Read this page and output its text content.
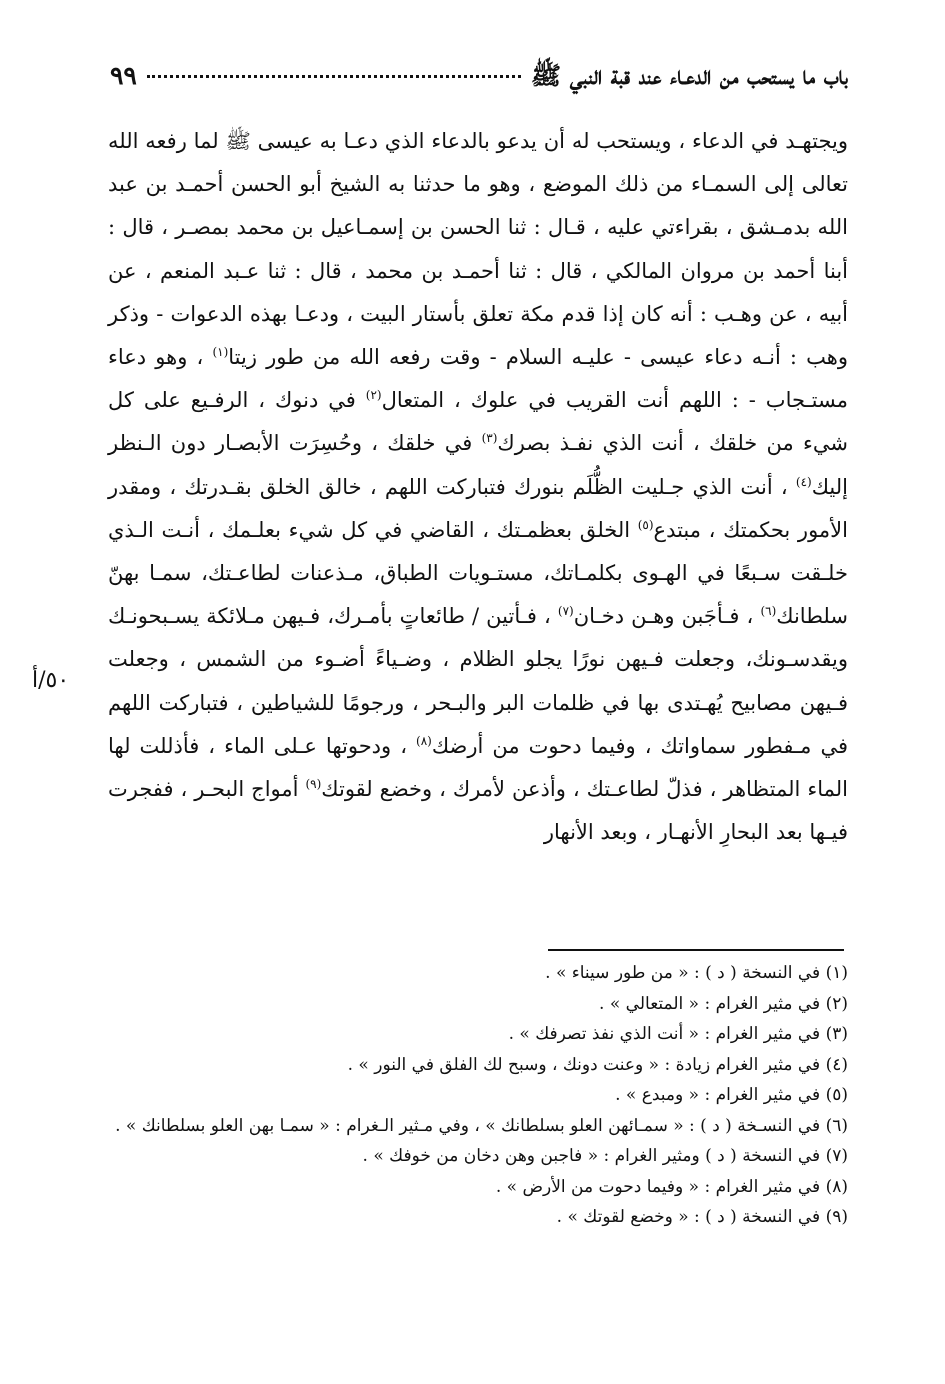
باب ما يستحب من الدعـاء عند قبة النبي ﷺ
٩٩
٥٠/أ
ويجتهـد في الدعاء ، ويستحب له أن يدعو بالدعاء الذي دعـا به عيسى ﷺ لما رفعه الله تعالى إلى السمـاء من ذلك الموضع ، وهو ما حدثنا به الشيخ أبو الحسن أحمـد بن عبد الله بدمـشق ، بقراءتي عليه ، قـال : ثنا الحسن بن إسمـاعيل بن محمد بمصـر ، قال : أبنا أحمد بن مروان المالكي ، قال : ثنا أحمـد بن محمد ، قال : ثنا عـبد المنعم ، عن أبيه ، عن وهـب : أنه كان إذا قدم مكة تعلق بأستار البيت ، ودعـا بهذه الدعوات - وذكر وهب : أنـه دعاء عيسى - عليـه السلام - وقت رفعه الله من طور زيتا$^{(١)}$ ، وهو دعاء مستـجاب - : اللهم أنت القريب في علوك ، المتعال$^{(٢)}$ في دنوك ، الرفـيع على كل شيء من خلقك ، أنت الذي نفـذ بصرك$^{(٣)}$ في خلقك ، وحُسِرَت الأبصـار دون الـنظر إليك$^{(٤)}$ ، أنت الذي جـليت الظُّلَم بنورك فتباركت اللهم ، خالق الخلق بقـدرتك ، ومقدر الأمور بحكمتك ، مبتدع$^{(٥)}$ الخلق بعظمـتك ، القاضي في كل شيء بعلـمك ، أنـت الـذي خلـقت سـبعًا في الهـوى بكلمـاتك، مستـويات الطباق، مـذعنات لطاعـتك، سمـا بهنّ سلطانك$^{(٦)}$ ، فـأجَبن وهـن دخـان$^{(٧)}$ ، فـأتين / طائعاتٍ بأمـرك، فـيهن مـلائكة يسـبحونـك ويقدسـونك، وجعلت فـيهن نورًا يجلو الظلام ، وضـياءً أضـوء من الشمس ، وجعلت فـيهن مصابيح يُهـتدى بها في ظلمات البر والبـحر ، ورجومًا للشياطين ، فتباركت اللهم في مـفطور سماواتك ، وفيما دحوت من أرضك$^{(٨)}$ ، ودحوتها عـلى الماء ، فأذللت لها الماء المتظاهر ، فذلّ لطاعـتك ، وأذعن لأمرك ، وخضع لقوتك$^{(٩)}$ أمواج البحـر ، ففجرت فيـها بعد البحارِ الأنهـار ، وبعد الأنهار
(١) في النسخة ( د ) : « من طور سيناء » .
(٢) في مثير الغرام : « المتعالي » .
(٣) في مثير الغرام : « أنت الذي نفذ تصرفك » .
(٤) في مثير الغرام زيادة : « وعنت دونك ، وسبح لك الفلق في النور » .
(٥) في مثير الغرام : « ومبدع » .
(٦) في النسـخة ( د ) : « سمـائهن العلو بسلطانك » ، وفي مـثير الـغرام : « سمـا بهن العلو بسلطانك » .
(٧) في النسخة ( د ) ومثير الغرام : « فاجبن وهن دخان من خوفك » .
(٨) في مثير الغرام : « وفيما دحوت من الأرض » .
(٩) في النسخة ( د ) : « وخضع لقوتك » .
